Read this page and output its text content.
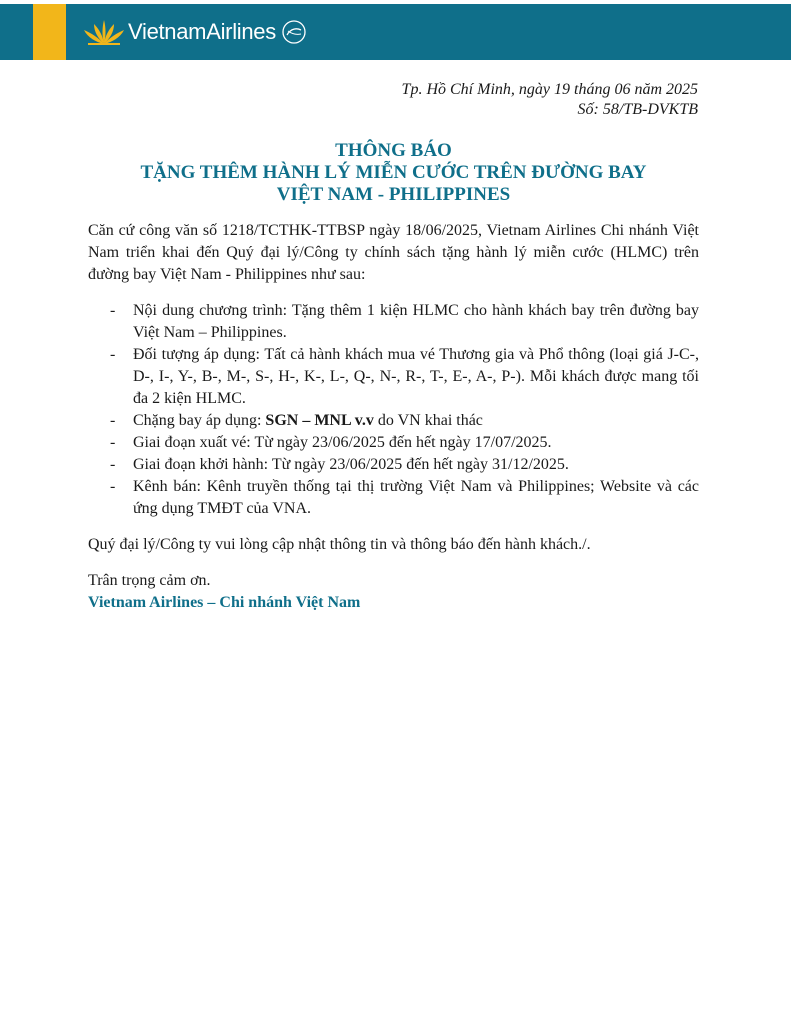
VietnamAirlines
Tp. Hồ Chí Minh, ngày 19 tháng 06 năm 2025
Số: 58/TB-DVKTB
THÔNG BÁO
TẶNG THÊM HÀNH LÝ MIỄN CƯỚC TRÊN ĐƯỜNG BAY
VIỆT NAM - PHILIPPINES

Căn cứ công văn số 1218/TCTHK-TTBSP ngày 18/06/2025, Vietnam Airlines Chi nhánh Việt Nam triển khai đến Quý đại lý/Công ty chính sách tặng hành lý miễn cước (HLMC) trên đường bay Việt Nam - Philippines như sau:

- Nội dung chương trình: Tặng thêm 1 kiện HLMC cho hành khách bay trên đường bay Việt Nam – Philippines.
- Đối tượng áp dụng: Tất cả hành khách mua vé Thương gia và Phổ thông (loại giá J-C-, D-, I-, Y-, B-, M-, S-, H-, K-, L-, Q-, N-, R-, T-, E-, A-, P-). Mỗi khách được mang tối đa 2 kiện HLMC.
- Chặng bay áp dụng: SGN – MNL v.v do VN khai thác
- Giai đoạn xuất vé: Từ ngày 23/06/2025 đến hết ngày 17/07/2025.
- Giai đoạn khởi hành: Từ ngày 23/06/2025 đến hết ngày 31/12/2025.
- Kênh bán: Kênh truyền thống tại thị trường Việt Nam và Philippines; Website và các ứng dụng TMĐT của VNA.

Quý đại lý/Công ty vui lòng cập nhật thông tin và thông báo đến hành khách./.

Trân trọng cảm ơn.
Vietnam Airlines – Chi nhánh Việt Nam
